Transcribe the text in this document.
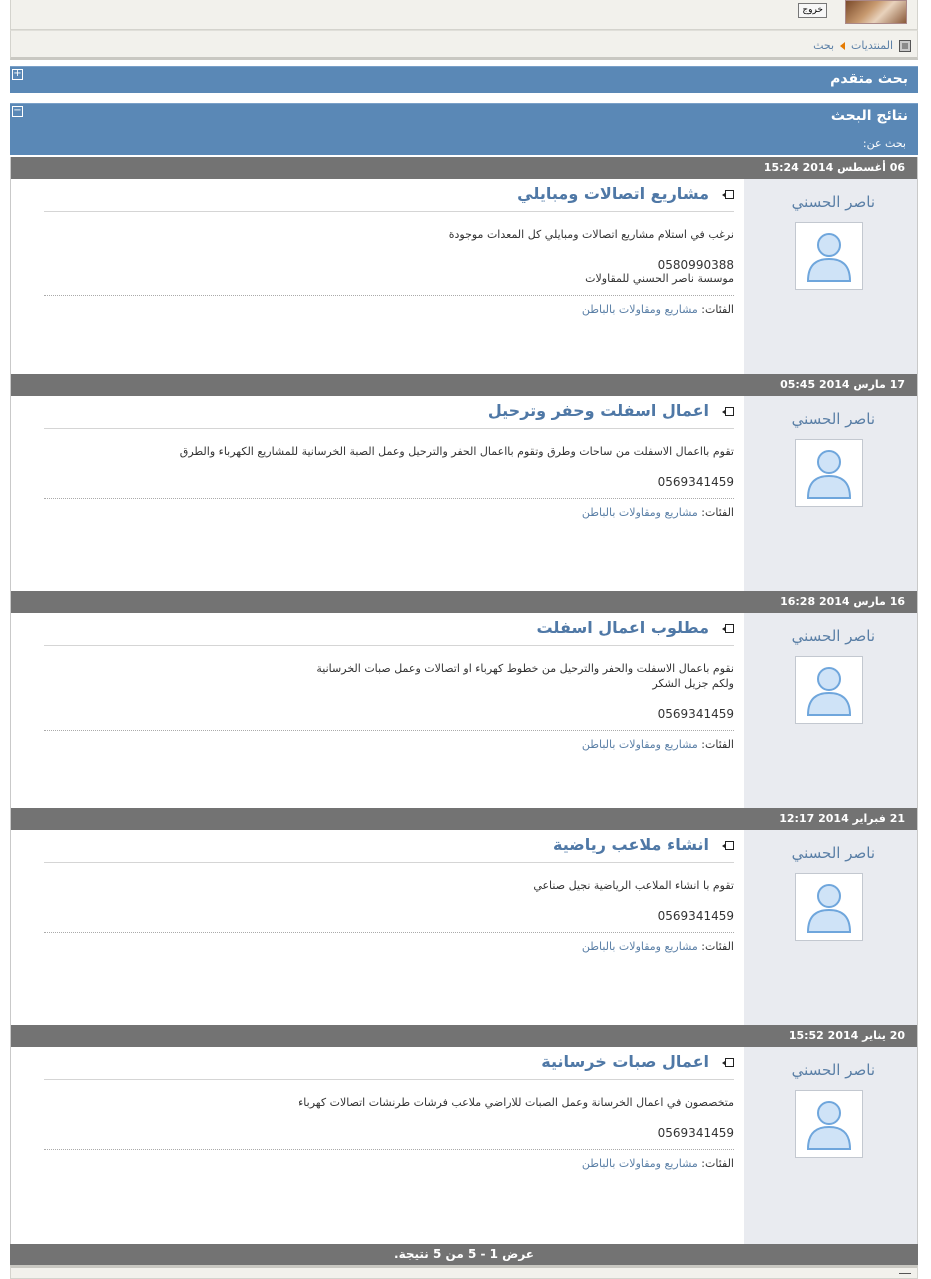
خروج
المنتديات
بحث
بحث متقدم
+
نتائج البحث
−
بحث عن:
06 أغسطس 2014 15:24
ناصر الحسني
مشاريع اتصالات ومبايلي
نرغب في استلام مشاريع اتصالات ومبايلي كل المعدات موجودة
0580990388
موسسة ناصر الحسني للمقاولات
الفئات: مشاريع ومقاولات بالباطن
17 مارس 2014 05:45
ناصر الحسني
اعمال اسفلت وحفر وترحيل
تقوم بااعمال الاسفلت من ساحات وطرق وتقوم بااعمال الحفر والترحيل وعمل الصبة الخرسانية للمشاريع الكهرباء والطرق
0569341459
الفئات: مشاريع ومقاولات بالباطن
16 مارس 2014 16:28
ناصر الحسني
مطلوب اعمال اسفلت
نقوم باعمال الاسفلت والحفر والترحيل من خطوط كهرباء او اتصالات وعمل صبات الخرسانية
ولكم جزيل الشكر
0569341459
الفئات: مشاريع ومقاولات بالباطن
21 فبراير 2014 12:17
ناصر الحسني
انشاء ملاعب رياضية
تقوم با انشاء الملاعب الرياضية نجيل صناعي
0569341459
الفئات: مشاريع ومقاولات بالباطن
20 يناير 2014 15:52
ناصر الحسني
اعمال صبات خرسانية
متخصصون في اعمال الخرسانة وعمل الصبات للاراضي ملاعب فرشات طرنشات اتصالات كهرباء
0569341459
الفئات: مشاريع ومقاولات بالباطن
عرض 1 - 5 من 5 نتيجة.
